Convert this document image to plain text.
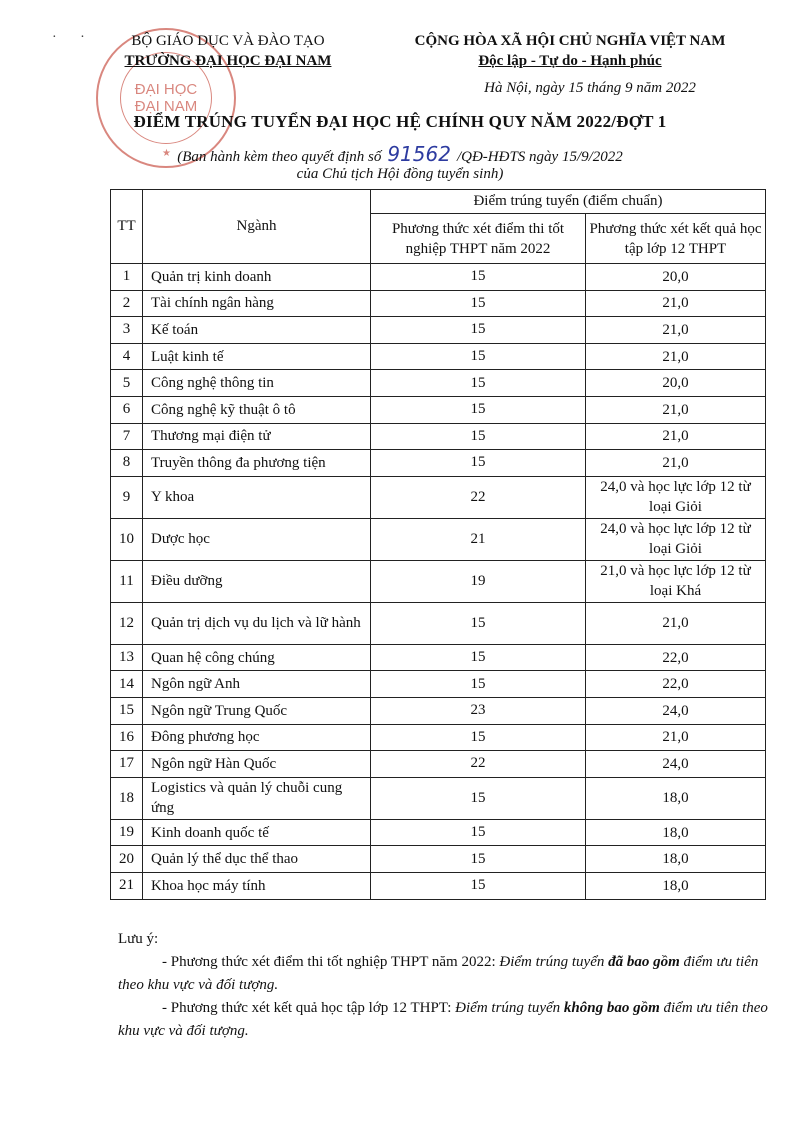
· ·
ĐẠI HỌC
ĐẠI NAM
★
BỘ GIÁO DỤC VÀ ĐÀO TẠO
TRƯỜNG ĐẠI HỌC ĐẠI NAM
CỘNG HÒA XÃ HỘI CHỦ NGHĨA VIỆT NAM
Độc lập - Tự do - Hạnh phúc
Hà Nội, ngày 15 tháng 9 năm 2022
ĐIỂM TRÚNG TUYỂN ĐẠI HỌC HỆ CHÍNH QUY NĂM 2022/ĐỢT 1
(Ban hành kèm theo quyết định số 91562 /QĐ-HĐTS ngày 15/9/2022
của Chủ tịch Hội đồng tuyển sinh)
TT	Ngành	Điểm trúng tuyển (điểm chuẩn)	
		Phương thức xét điểm thi tốt nghiệp THPT năm 2022	Phương thức xét kết quả học tập lớp 12 THPT
1	Quản trị kinh doanh	15	20,0
2	Tài chính ngân hàng	15	21,0
3	Kế toán	15	21,0
4	Luật kinh tế	15	21,0
5	Công nghệ thông tin	15	20,0
6	Công nghệ kỹ thuật ô tô	15	21,0
7	Thương mại điện tử	15	21,0
8	Truyền thông đa phương tiện	15	21,0
9	Y khoa	22	24,0 và học lực lớp 12 từ loại Giỏi
10	Dược học	21	24,0 và học lực lớp 12 từ loại Giỏi
11	Điều dưỡng	19	21,0 và học lực lớp 12 từ loại Khá
12	Quản trị dịch vụ du lịch và lữ hành	15	21,0
13	Quan hệ công chúng	15	22,0
14	Ngôn ngữ Anh	15	22,0
15	Ngôn ngữ Trung Quốc	23	24,0
16	Đông phương học	15	21,0
17	Ngôn ngữ Hàn Quốc	22	24,0
18	Logistics và quản lý chuỗi cung ứng	15	18,0
19	Kinh doanh quốc tế	15	18,0
20	Quản lý thể dục thể thao	15	18,0
21	Khoa học máy tính	15	18,0

Lưu ý:

- Phương thức xét điểm thi tốt nghiệp THPT năm 2022: Điểm trúng tuyển đã bao gồm điểm ưu tiên theo khu vực và đối tượng.

- Phương thức xét kết quả học tập lớp 12 THPT: Điểm trúng tuyển không bao gồm điểm ưu tiên theo khu vực và đối tượng.
